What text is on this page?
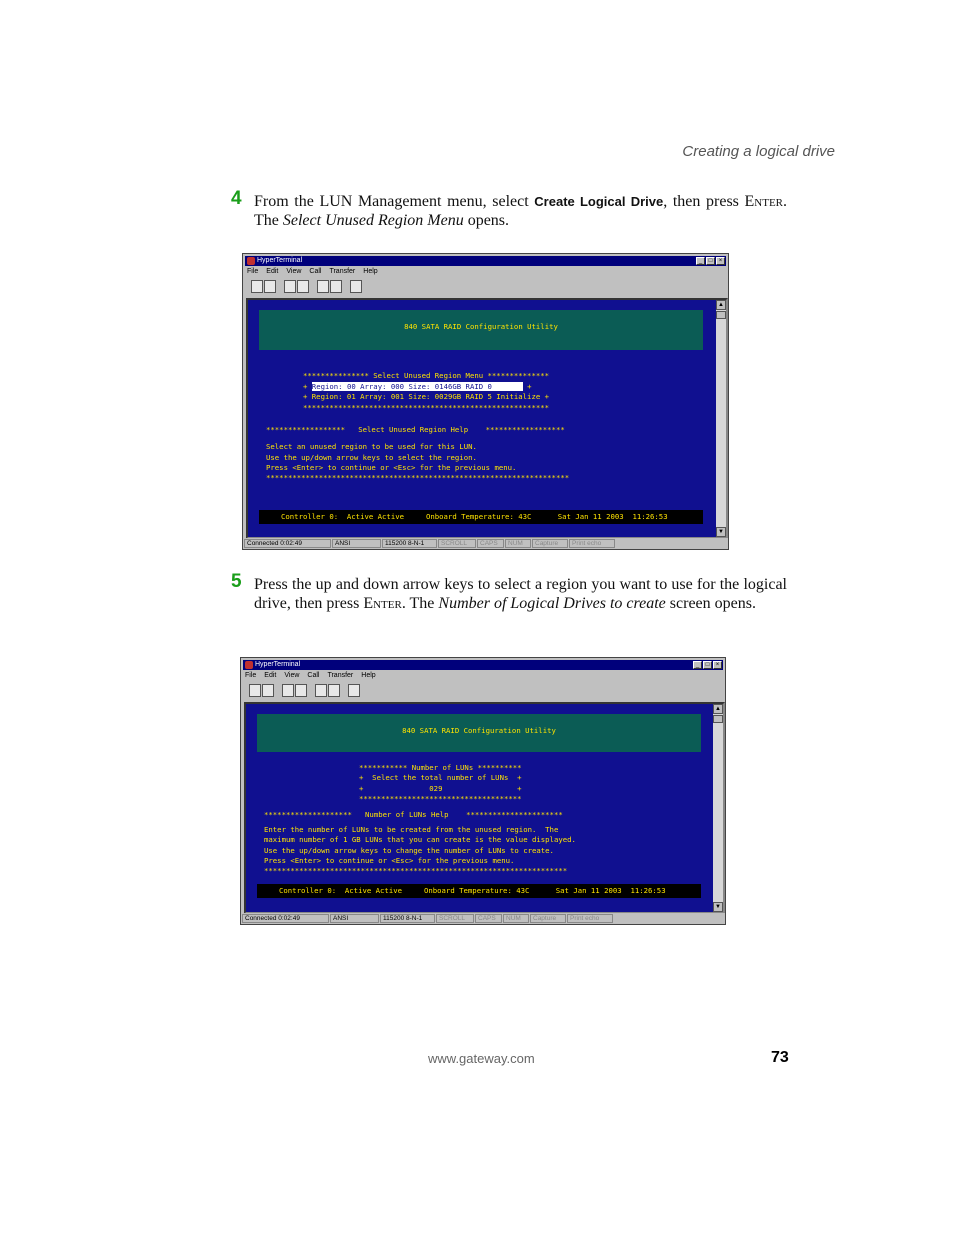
Creating a logical drive
4 From the LUN Management menu, select Create Logical Drive, then press Enter. The Select Unused Region Menu opens.
HyperTerminal	_ □ ×
File Edit View Call Transfer Help

840 SATA RAID Configuration Utility

*************** Select Unused Region Menu **************

+ Region: 00 Array: 000 Size: 0146GB RAID 0        +

+ Region: 01 Array: 001 Size: 0029GB RAID 5 Initialize +

********************************************************

******************   Select Unused Region Help    ******************

Select an unused region to be used for this LUN.

Use the up/down arrow keys to select the region.

Press <Enter> to continue or <Esc> for the previous menu.

*********************************************************************

Controller 0:  Active Active     Onboard Temperature: 43C      Sat Jan 11 2003  11:26:53

▲
▼
Connected 0:02:49	ANSI	115200 8-N-1	SCROLL	CAPS	NUM	Capture	Print echo
5 Press the up and down arrow keys to select a region you want to use for the logical drive, then press Enter. The Number of Logical Drives to create screen opens.
HyperTerminal	_ □ ×
File Edit View Call Transfer Help

840 SATA RAID Configuration Utility

*********** Number of LUNs **********

+  Select the total number of LUNs  +

+               029                 +

*************************************

********************   Number of LUNs Help    **********************

Enter the number of LUNs to be created from the unused region.  The

maximum number of 1 GB LUNs that you can create is the value displayed.

Use the up/down arrow keys to change the number of LUNs to create.

Press <Enter> to continue or <Esc> for the previous menu.

*********************************************************************

Controller 0:  Active Active     Onboard Temperature: 43C      Sat Jan 11 2003  11:26:53

▲
▼
Connected 0:02:49	ANSI	115200 8-N-1	SCROLL	CAPS	NUM	Capture	Print echo
www.gateway.com	73
